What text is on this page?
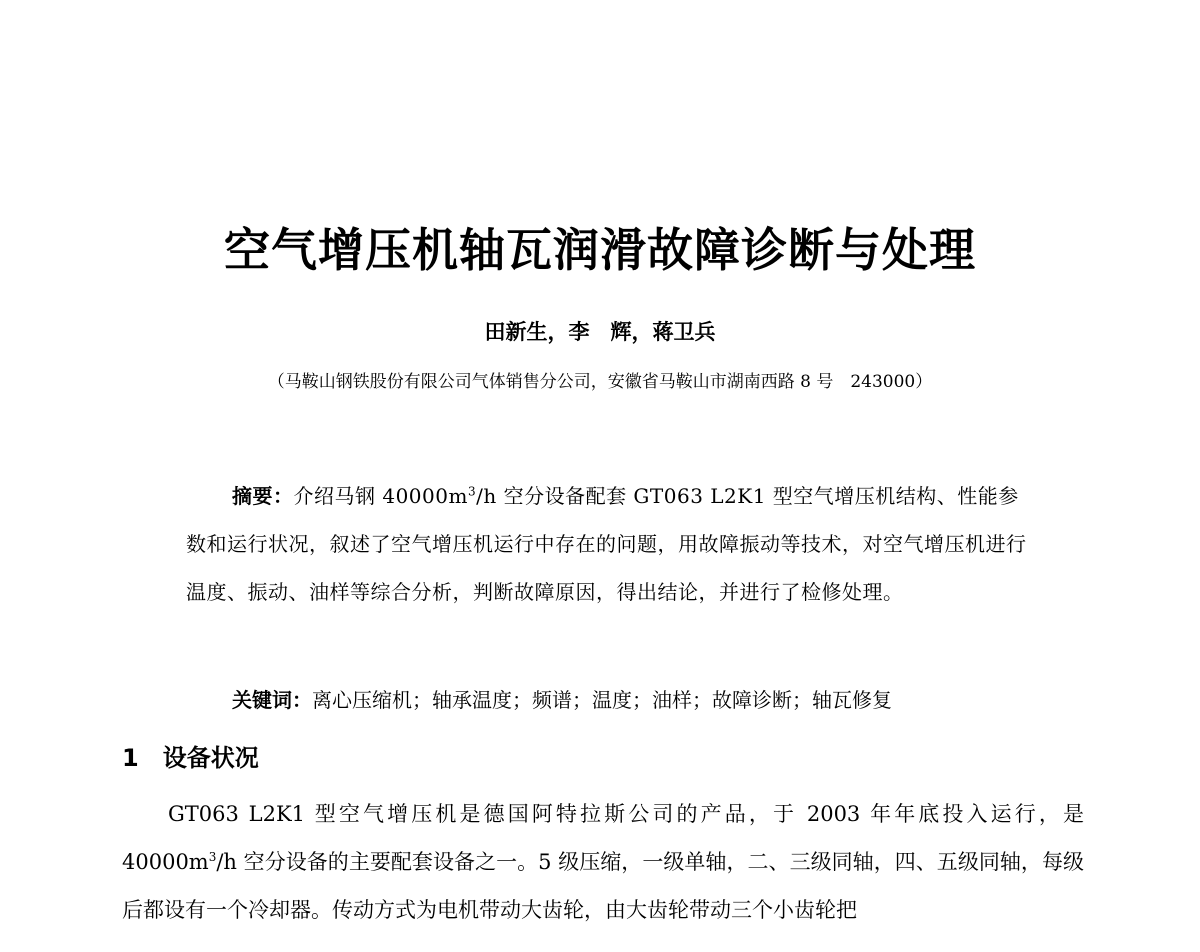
空气增压机轴瓦润滑故障诊断与处理
田新生，李　辉，蒋卫兵
（马鞍山钢铁股份有限公司气体销售分公司，安徽省马鞍山市湖南西路 8 号　243000）
摘要：介绍马钢 $40000m^3/h$ 空分设备配套 GT063 L2K1 型空气增压机结构、性能参数和运行状况，叙述了空气增压机运行中存在的问题，用故障振动等技术，对空气增压机进行温度、振动、油样等综合分析，判断故障原因，得出结论，并进行了检修处理。
关键词：离心压缩机；轴承温度；频谱；温度；油样；故障诊断；轴瓦修复
1　设备状况
GT063 L2K1 型空气增压机是德国阿特拉斯公司的产品，于 2003 年年底投入运行，是 $40000m^3/h$ 空分设备的主要配套设备之一。5 级压缩，一级单轴，二、三级同轴，四、五级同轴，每级后都设有一个冷却器。传动方式为电机带动大齿轮，由大齿轮带动三个小齿轮把
